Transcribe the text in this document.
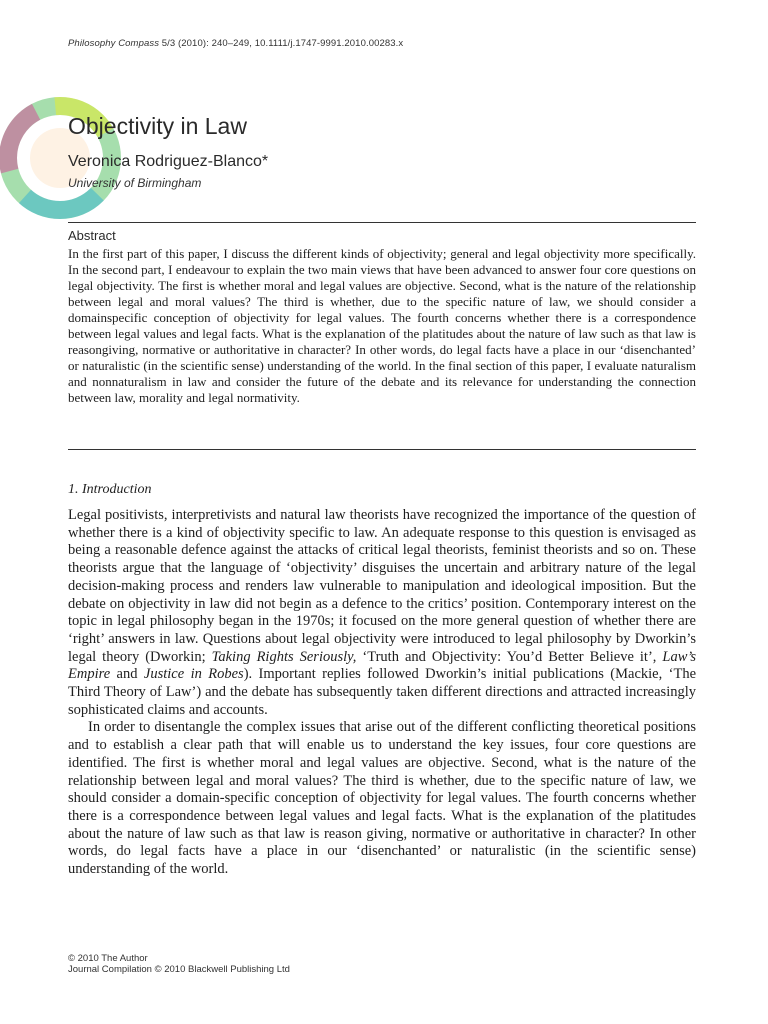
Philosophy Compass 5/3 (2010): 240–249, 10.1111/j.1747-9991.2010.00283.x
Objectivity in Law
Veronica Rodriguez-Blanco*
University of Birmingham
Abstract

In the first part of this paper, I discuss the different kinds of objectivity; general and legal objectivity more specifically. In the second part, I endeavour to explain the two main views that have been advanced to answer four core questions on legal objectivity. The first is whether moral and legal values are objective. Second, what is the nature of the relationship between legal and moral values? The third is whether, due to the specific nature of law, we should consider a domainspecific conception of objectivity for legal values. The fourth concerns whether there is a correspondence between legal values and legal facts. What is the explanation of the platitudes about the nature of law such as that law is reasongiving, normative or authoritative in character? In other words, do legal facts have a place in our ‘disenchanted’ or naturalistic (in the scientific sense) understanding of the world. In the final section of this paper, I evaluate naturalism and nonnaturalism in law and consider the future of the debate and its relevance for understanding the connection between law, morality and legal normativity.

1. Introduction

Legal positivists, interpretivists and natural law theorists have recognized the importance of the question of whether there is a kind of objectivity specific to law. An adequate response to this question is envisaged as being a reasonable defence against the attacks of critical legal theorists, feminist theorists and so on. These theorists argue that the language of ‘objectivity’ disguises the uncertain and arbitrary nature of the legal decision-making process and renders law vulnerable to manipulation and ideological imposition. But the debate on objectivity in law did not begin as a defence to the critics’ position. Contemporary interest on the topic in legal philosophy began in the 1970s; it focused on the more general question of whether there are ‘right’ answers in law. Questions about legal objectivity were introduced to legal philosophy by Dworkin’s legal theory (Dworkin; Taking Rights Seriously, ‘Truth and Objectivity: You’d Better Believe it’, Law’s Empire and Justice in Robes). Important replies followed Dworkin’s initial publications (Mackie, ‘The Third Theory of Law’) and the debate has subsequently taken different directions and attracted increasingly sophisticated claims and accounts.

In order to disentangle the complex issues that arise out of the different conflicting theoretical positions and to establish a clear path that will enable us to understand the key issues, four core questions are identified. The first is whether moral and legal values are objective. Second, what is the nature of the relationship between legal and moral values? The third is whether, due to the specific nature of law, we should consider a domain-specific conception of objectivity for legal values. The fourth concerns whether there is a correspondence between legal values and legal facts. What is the explanation of the platitudes about the nature of law such as that law is reason giving, normative or authoritative in character? In other words, do legal facts have a place in our ‘disenchanted’ or naturalistic (in the scientific sense) understanding of the world.

© 2010 The Author
Journal Compilation © 2010 Blackwell Publishing Ltd
